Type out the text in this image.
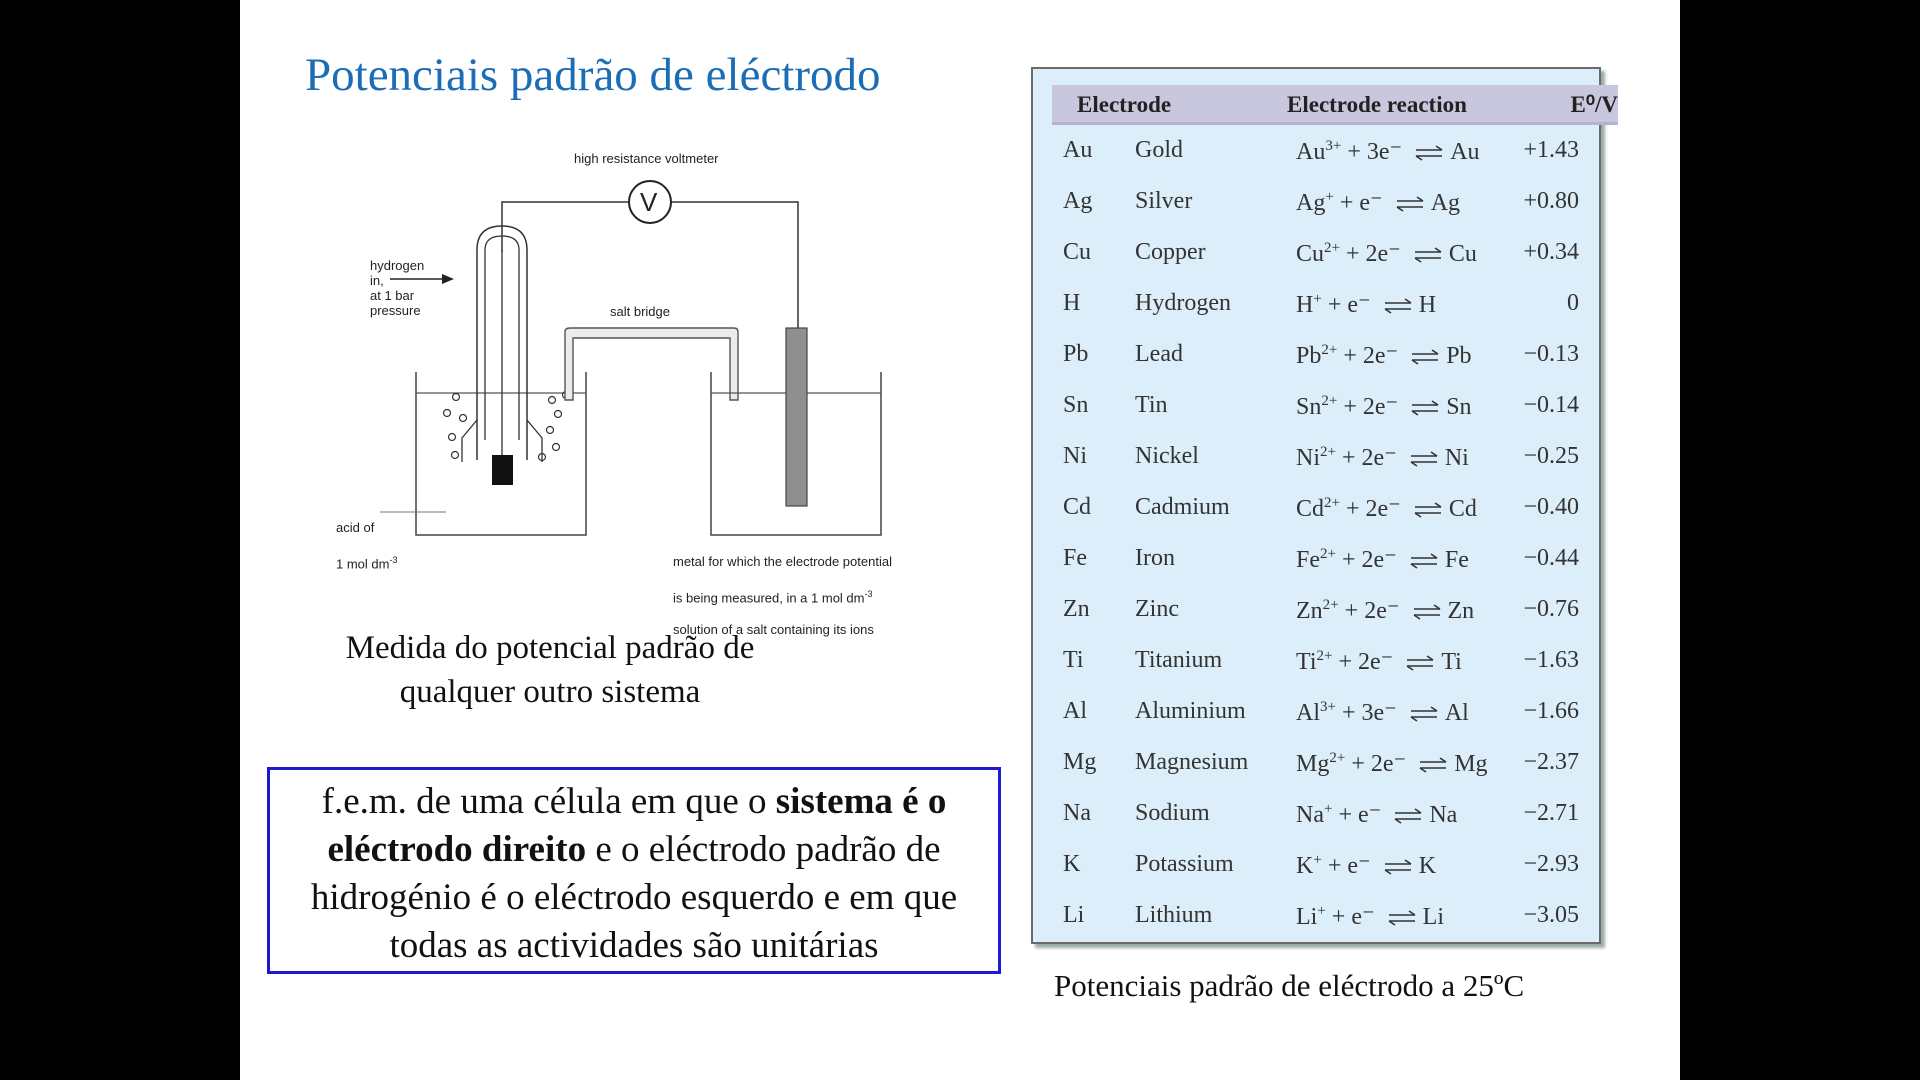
Potenciais padrão de eléctrodo
V
high resistance voltmeter
hydrogen
in,
at 1 bar
pressure	salt bridge

acid of

1 mol $dm^{-3}$	metal for which the electrode potential

is being measured, in a 1 mol $dm^{-3}$

solution of a salt containing its ions

Medida do potencial padrão de
qualquer outro sistema
f.e.m. de uma célula em que o sistema é o eléctrodo direito e o eléctrodo padrão de hidrogénio é o eléctrodo esquerdo e em que todas as actividades são unitárias
Electrode	Electrode reaction	E⁰/V
Au Gold	$Au^{3+} + 3e^-$ ⇌ Au +1.43
Ag Silver	Ag+ + e⁻ ⇌ Ag	+0.80
Cu Copper	$Cu^{2+} + 2e^-$ ⇌ Cu +0.34
H Hydrogen	H+ + e⁻ ⇌ H	0
Pb Lead	$Pb^{2+} + 2e^-$ ⇌ Pb −0.13
Sn Tin	$Sn^{2+} + 2e^-$ ⇌ Sn −0.14
Ni Nickel	$Ni^{2+} + 2e^-$ ⇌ Ni −0.25
Cd Cadmium	$Cd^{2+} + 2e^-$ ⇌ Cd −0.40
Fe Iron	$Fe^{2+} + 2e^-$ ⇌ Fe −0.44
Zn Zinc	$Zn^{2+} + 2e^-$ ⇌ Zn −0.76
Ti Titanium	$Ti^{2+} + 2e^-$ ⇌ Ti	−1.63
Al Aluminium $Al^{3+} + 3e^-$ ⇌ Al −1.66
Mg Magnesium $Mg^{2+} + 2e^-$ ⇌ Mg −2.37
Na Sodium	Na+ + e⁻ ⇌ Na	−2.71
K Potassium	K+ + e⁻ ⇌ K	−2.93
Li Lithium	Li+ + e⁻ ⇌ Li	−3.05
Potenciais padrão de eléctrodo a 25ºC
